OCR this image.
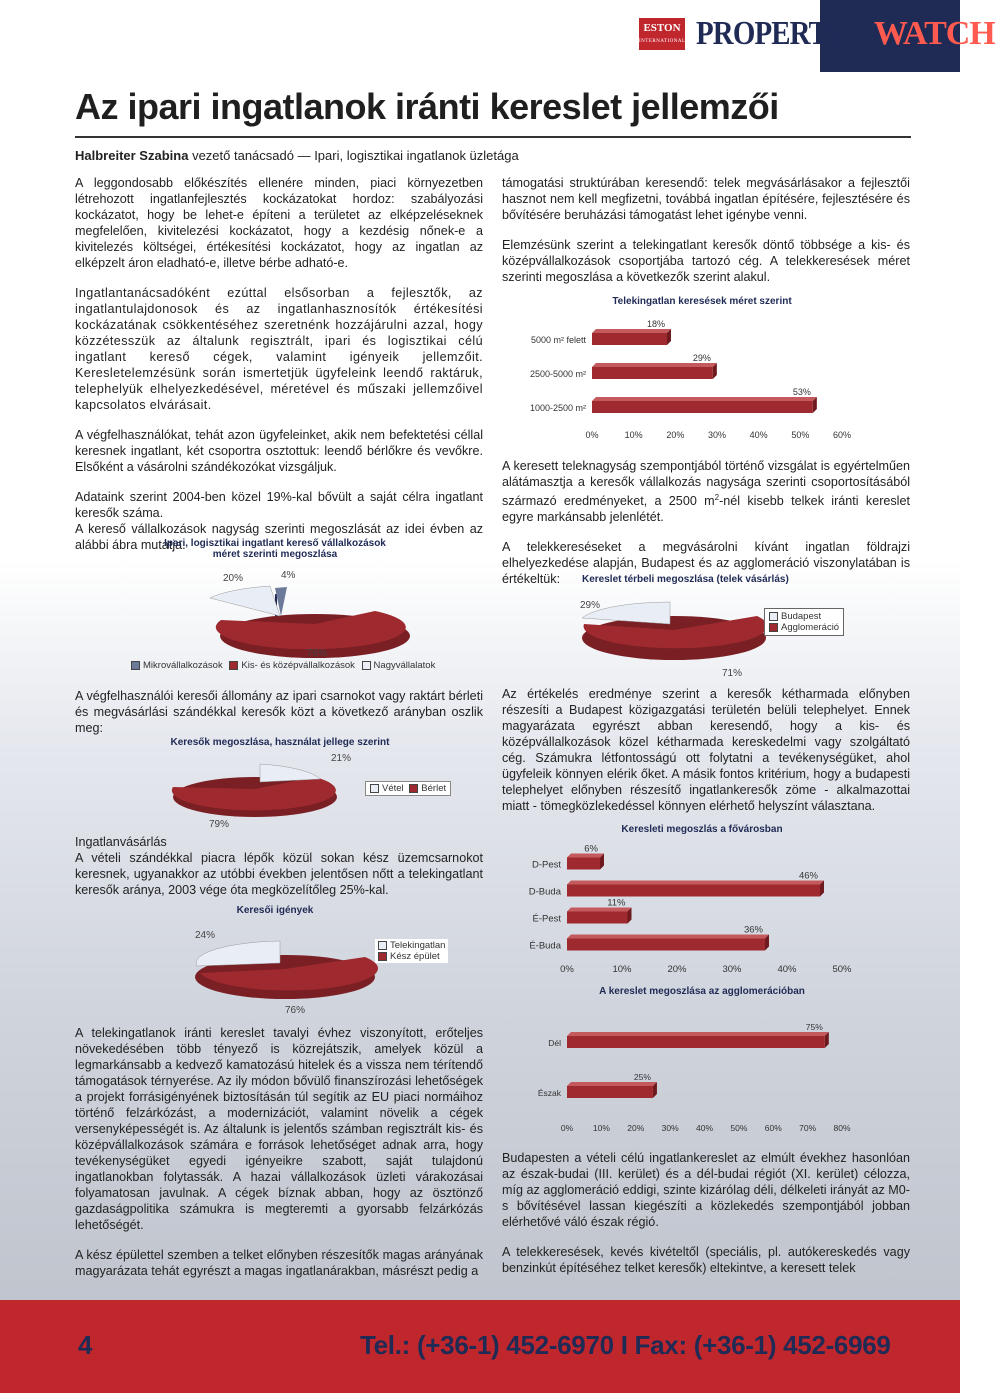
ESTON
INTERNATIONAL PROPERTY WATCH
Az ipari ingatlanok iránti kereslet jellemzői
Halbreiter Szabina vezető tanácsadó — Ipari, logisztikai ingatlanok üzletága

A leggondosabb előkészítés ellenére minden, piaci környezetben létrehozott ingatlanfejlesztés kockázatokat hordoz: szabályozási kockázatot, hogy be lehet-e építeni a területet az elképzeléseknek megfelelően, kivitelezési kockázatot, hogy a kezdésig nőnek-e a kivitelezés költségei, értékesítési kockázatot, hogy az ingatlan az elképzelt áron eladható-e, illetve bérbe adható-e.

Ingatlantanácsadóként ezúttal elsősorban a fejlesztők, az ingatlantulajdonosok és az ingatlanhasznosítók értékesítési kockázatának csökkentéséhez szeretnénk hozzájárulni azzal, hogy közzétesszük az általunk regisztrált, ipari és logisztikai célú ingatlant kereső cégek, valamint igényeik jellemzőit. Keresletelemzésünk során ismertetjük ügyfeleink leendő raktáruk, telephelyük elhelyezkedésével, méretével és műszaki jellemzőivel kapcsolatos elvárásait.

A végfelhasználókat, tehát azon ügyfeleinket, akik nem befektetési céllal keresnek ingatlant, két csoportra osztottuk: leendő bérlőkre és vevőkre. Elsőként a vásárolni szándékozókat vizsgáljuk.

Adataink szerint 2004-ben közel 19%-kal bővült a saját célra ingatlant keresők száma.
A kereső vállalkozások nagyság szerinti megoszlását az idei évben az alábbi ábra mutatja.

Ipari, logisztikai ingatlant kereső vállalkozások méret szerinti megoszlása
20%	4%
76%
Mikrovállalkozások Kis- és középvállalkozások Nagyvállalatok

A végfelhasználói keresői állomány az ipari csarnokot vagy raktárt bérleti és megvásárlási szándékkal keresők közt a következő arányban oszlik meg:

Keresők megoszlása, használat jellege szerint
21%
79%
Vétel Bérlet
Ingatlanvásárlás

A vételi szándékkal piacra lépők közül sokan kész üzemcsarnokot keresnek, ugyanakkor az utóbbi években jelentősen nőtt a telekingatlant keresők aránya, 2003 vége óta megközelítőleg 25%-kal.

Keresői igények
24%
76%
Telekingatlan
Kész épület

A telekingatlanok iránti kereslet tavalyi évhez viszonyított, erőteljes növekedésében több tényező is közrejátszik, amelyek közül a legmarkánsabb a kedvező kamatozású hitelek és a vissza nem térítendő támogatások térnyerése. Az ily módon bővülő finanszírozási lehetőségek a projekt forrásigényének biztosításán túl segítik az EU piaci normáihoz történő felzárkózást, a modernizációt, valamint növelik a cégek versenyképességét is. Az általunk is jelentős számban regisztrált kis- és középvállalkozások számára e források lehetőséget adnak arra, hogy tevékenységüket egyedi igényeikre szabott, saját tulajdonú ingatlanokban folytassák. A hazai vállalkozások üzleti várakozásai folyamatosan javulnak. A cégek bíznak abban, hogy az ösztönző gazdaságpolitika számukra is megteremti a gyorsabb felzárkózás lehetőségét.

A kész épülettel szemben a telket előnyben részesítők magas arányának magyarázata tehát egyrészt a magas ingatlanárakban, másrészt pedig a

támogatási struktúrában keresendő: telek megvásárlásakor a fejlesztői hasznot nem kell megfizetni, továbbá ingatlan építésére, fejlesztésére és bővítésére beruházási támogatást lehet igénybe venni.

Elemzésünk szerint a telekingatlant keresők döntő többsége a kis- és középvállalkozások csoportjába tartozó cég. A telekkeresések méret szerinti megoszlása a következők szerint alakul.

Telekingatlan keresések méret szerint
5000 m² felett
18%
2500-5000 m²
29%
1000-2500 m²
53%
0%	10%	20%	30%	40%	50%	60%

A keresett teleknagyság szempontjából történő vizsgálat is egyértelműen alátámasztja a keresők vállalkozás nagysága szerinti csoportosításából származó eredményeket, a 2500 $m^2$-nél kisebb telkek iránti kereslet egyre markánsabb jelenlétét.

A telekkereséseket a megvásárolni kívánt ingatlan földrajzi elhelyezkedése alapján, Budapest és az agglomeráció viszonylatában is értékeltük:	Kereslet térbeli megoszlása (telek vásárlás)
29%
71%
Budapest
Agglomeráció

Az értékelés eredménye szerint a keresők kétharmada előnyben részesíti a Budapest közigazgatási területén belüli telephelyet. Ennek magyarázata egyrészt abban keresendő, hogy a kis- és középvállalkozások közel kétharmada kereskedelmi vagy szolgáltató cég. Számukra létfontosságú ott folytatni a tevékenységüket, ahol ügyfeleik könnyen elérik őket. A másik fontos kritérium, hogy a budapesti telephelyet előnyben részesítő ingatlankeresők zöme - alkalmazottai miatt - tömegközlekedéssel könnyen elérhető helyszínt választana.

Keresleti megoszlás a fővárosban
D-Pest
6%
D-Buda
46%
É-Pest
11%
É-Buda
36%
0%	10%	20%	30%	40%	50%
A kereslet megoszlása az agglomerációban
Dél
75%
Észak
25%
0% 10% 20% 30% 40% 50% 60% 70% 80%

Budapesten a vételi célú ingatlankereslet az elmúlt évekhez hasonlóan az észak-budai (III. kerület) és a dél-budai régiót (XI. kerület) célozza, míg az agglomeráció eddigi, szinte kizárólag déli, délkeleti irányát az M0-s bővítésével lassan kiegészíti a közlekedés szempontjából jobban elérhetővé váló észak régió.

A telekkeresések, kevés kivételtől (speciális, pl. autókereskedés vagy benzinkút építéséhez telket keresők) eltekintve, a keresett telek

4	Tel.: (+36-1) 452-6970 I Fax: (+36-1) 452-6969
